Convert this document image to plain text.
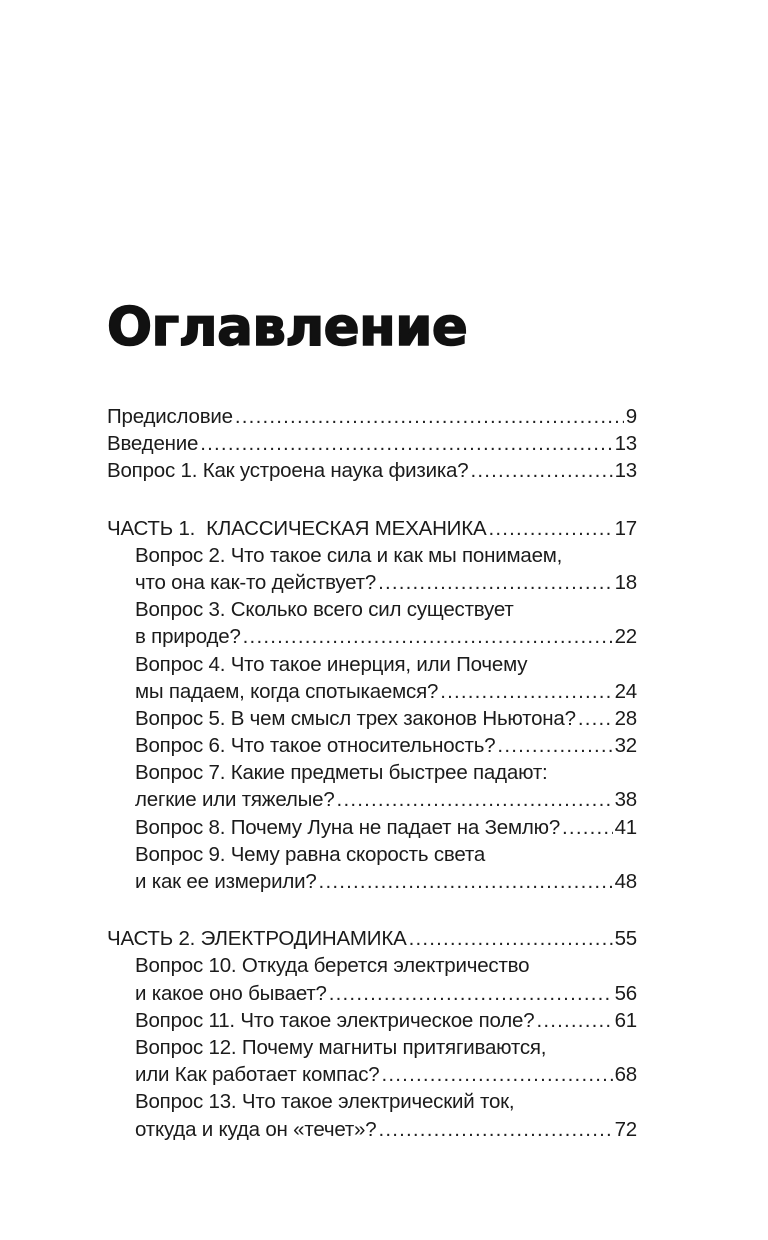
Оглавление
Предисловие .....	9
Введение .....	13
Вопрос 1. Как устроена наука физика? .....	13
ЧАСТЬ 1.  КЛАССИЧЕСКАЯ МЕХАНИКА .....	17
Вопрос 2. Что такое сила и как мы понимаем,
что она как-то действует? .....	18
Вопрос 3. Сколько всего сил существует
в природе? .....	22
Вопрос 4. Что такое инерция, или Почему
мы падаем, когда спотыкаемся? .....	24
Вопрос 5. В чем смысл трех законов Ньютона? ..... 28
Вопрос 6. Что такое относительность? .....	32
Вопрос 7. Какие предметы быстрее падают:
легкие или тяжелые? .....	38
Вопрос 8. Почему Луна не падает на Землю? .....	41
Вопрос 9. Чему равна скорость света
и как ее измерили? .....	48
ЧАСТЬ 2. ЭЛЕКТРОДИНАМИКА .....	55
Вопрос 10. Откуда берется электричество
и какое оно бывает? .....	56
Вопрос 11. Что такое электрическое поле? .....	61
Вопрос 12. Почему магниты притягиваются,
или Как работает компас? .....	68
Вопрос 13. Что такое электрический ток,
откуда и куда он «течет»? .....	72
